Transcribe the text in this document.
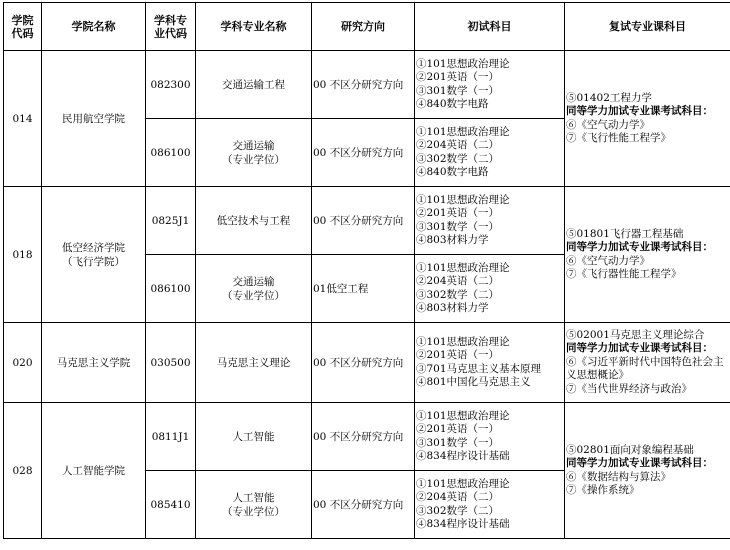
学院代码	学院名称	学科专业代码	学科专业名称	研究方向	初试科目	复试专业课科目
014	民用航空学院	082300	交通运输工程	00 不区分研究方向	①101思想政治理论
②201英语（一）
③301数学（一）
④840数字电路	⑤01402工程力学
同等学力加试专业课考试科目：
⑥《空气动力学》
⑦《飞行性能工程学》

		086100	交通运输
（专业学位）	00 不区分研究方向	①101思想政治理论
②204英语（二）
③302数学（二）
④840数字电路	

018	低空经济学院
（飞行学院）	0825J1	低空技术与工程	00 不区分研究方向	①101思想政治理论
②201英语（一）
③301数学（一）
④803材料力学	⑤01801飞行器工程基础
同等学力加试专业课考试科目：
⑥《空气动力学》
⑦《飞行器性能工程学》

		086100	交通运输
（专业学位）	01低空工程	①101思想政治理论
②204英语（二）
③302数学（二）
④803材料力学	

020	马克思主义学院	030500	马克思主义理论	00 不区分研究方向	①101思想政治理论
②201英语（一）
③701马克思主义基本原理
④801中国化马克思主义	⑤02001马克思主义理论综合
同等学力加试专业课考试科目：
⑥《习近平新时代中国特色社会主义思想概论》
⑦《当代世界经济与政治》

028	人工智能学院	0811J1	人工智能	00 不区分研究方向	①101思想政治理论
②201英语（一）
③301数学（一）
④834程序设计基础	⑤02801面向对象编程基础
同等学力加试专业课考试科目：
⑥《数据结构与算法》
⑦《操作系统》

		085410	人工智能
（专业学位）	00 不区分研究方向	①101思想政治理论
②204英语（二）
③302数学（二）
④834程序设计基础	
